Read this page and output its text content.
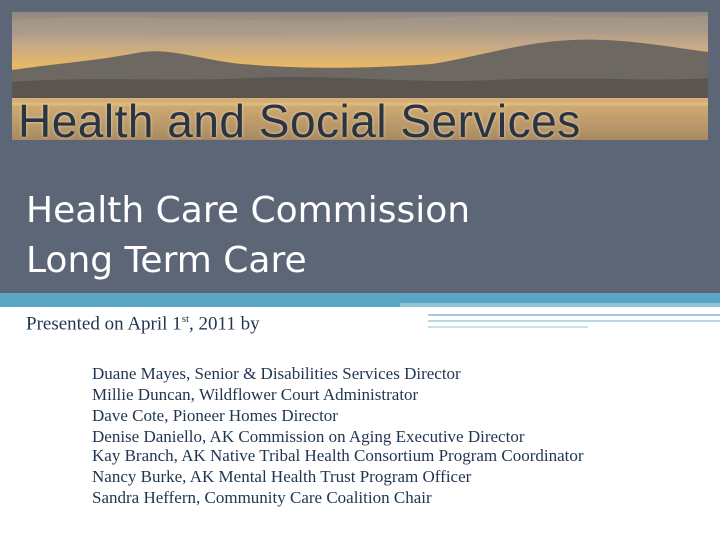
Health and Social Services
Health Care Commission
Long Term Care
Presented on April 1st, 2011 by
Duane Mayes, Senior & Disabilities Services Director
Millie Duncan, Wildflower Court Administrator
Dave Cote, Pioneer Homes Director
Denise Daniello, AK Commission on Aging Executive Director
Kay Branch, AK Native Tribal Health Consortium Program Coordinator
Nancy Burke, AK Mental Health Trust Program Officer
Sandra Heffern, Community Care Coalition Chair
